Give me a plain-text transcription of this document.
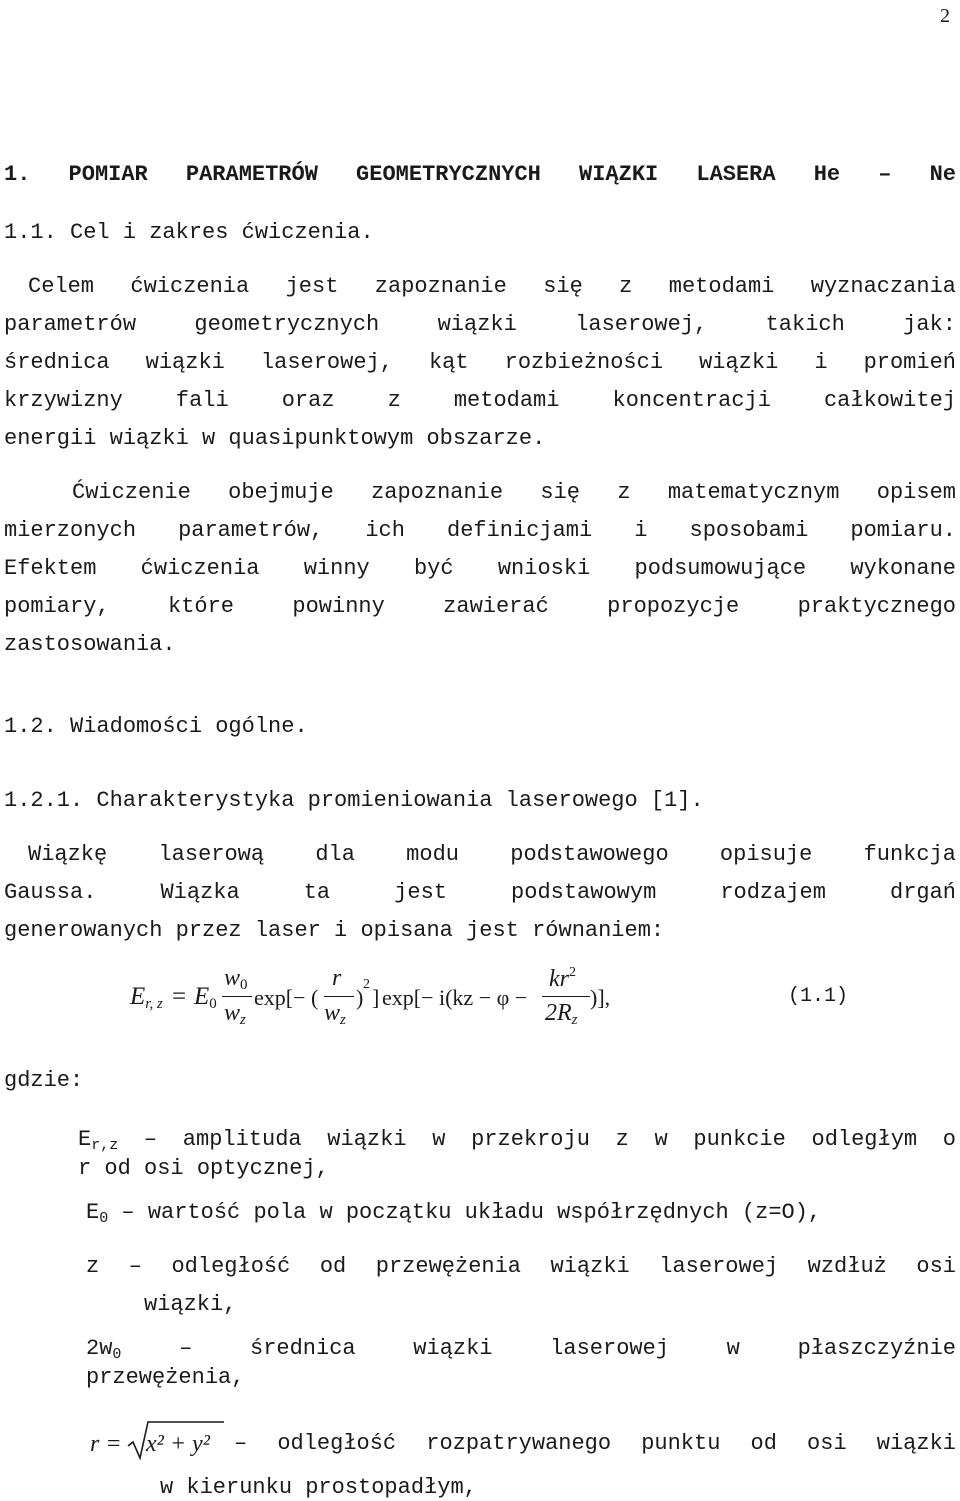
2
1. POMIAR PARAMETRÓW GEOMETRYCZNYCH WIĄZKI LASERA He – Ne
1.1. Cel i zakres ćwiczenia.
Celem ćwiczenia jest zapoznanie się z metodami wyznaczania
parametrów geometrycznych wiązki laserowej, takich jak:
średnica wiązki laserowej, kąt rozbieżności wiązki i promień
krzywizny fali oraz z metodami koncentracji całkowitej
energii wiązki w quasipunktowym obszarze.
Ćwiczenie obejmuje zapoznanie się z matematycznym opisem
mierzonych parametrów, ich definicjami i sposobami pomiaru.
Efektem ćwiczenia winny być wnioski podsumowujące wykonane
pomiary, które powinny zawierać propozycje praktycznego
zastosowania.
1.2. Wiadomości ogólne.
1.2.1. Charakterystyka promieniowania laserowego [1].
Wiązkę laserową dla modu podstawowego opisuje funkcja
Gaussa. Wiązka ta jest podstawowym rodzajem drgań
generowanych przez laser i opisana jest równaniem:
$E_{r, z} = E_0$
$w_0$
$w_z$
exp[− (
r
$w_z$
)
2
] exp[− i(kz − φ −
$kr^2$
$2R_z$
)],	(1.1)
gdzie:
$E_{r,z}$ – amplituda wiązki w przekroju z w punkcie odległym o
r od osi optycznej,
$E_0$ – wartość pola w początku układu współrzędnych (z=O),
z – odległość od przewężenia wiązki laserowej wzdłuż osi
wiązki,
$2w_0$ – średnica wiązki laserowej w płaszczyźnie
przewężenia,
r = x² + y² – odległość rozpatrywanego punktu od osi wiązki
w kierunku prostopadłym,
